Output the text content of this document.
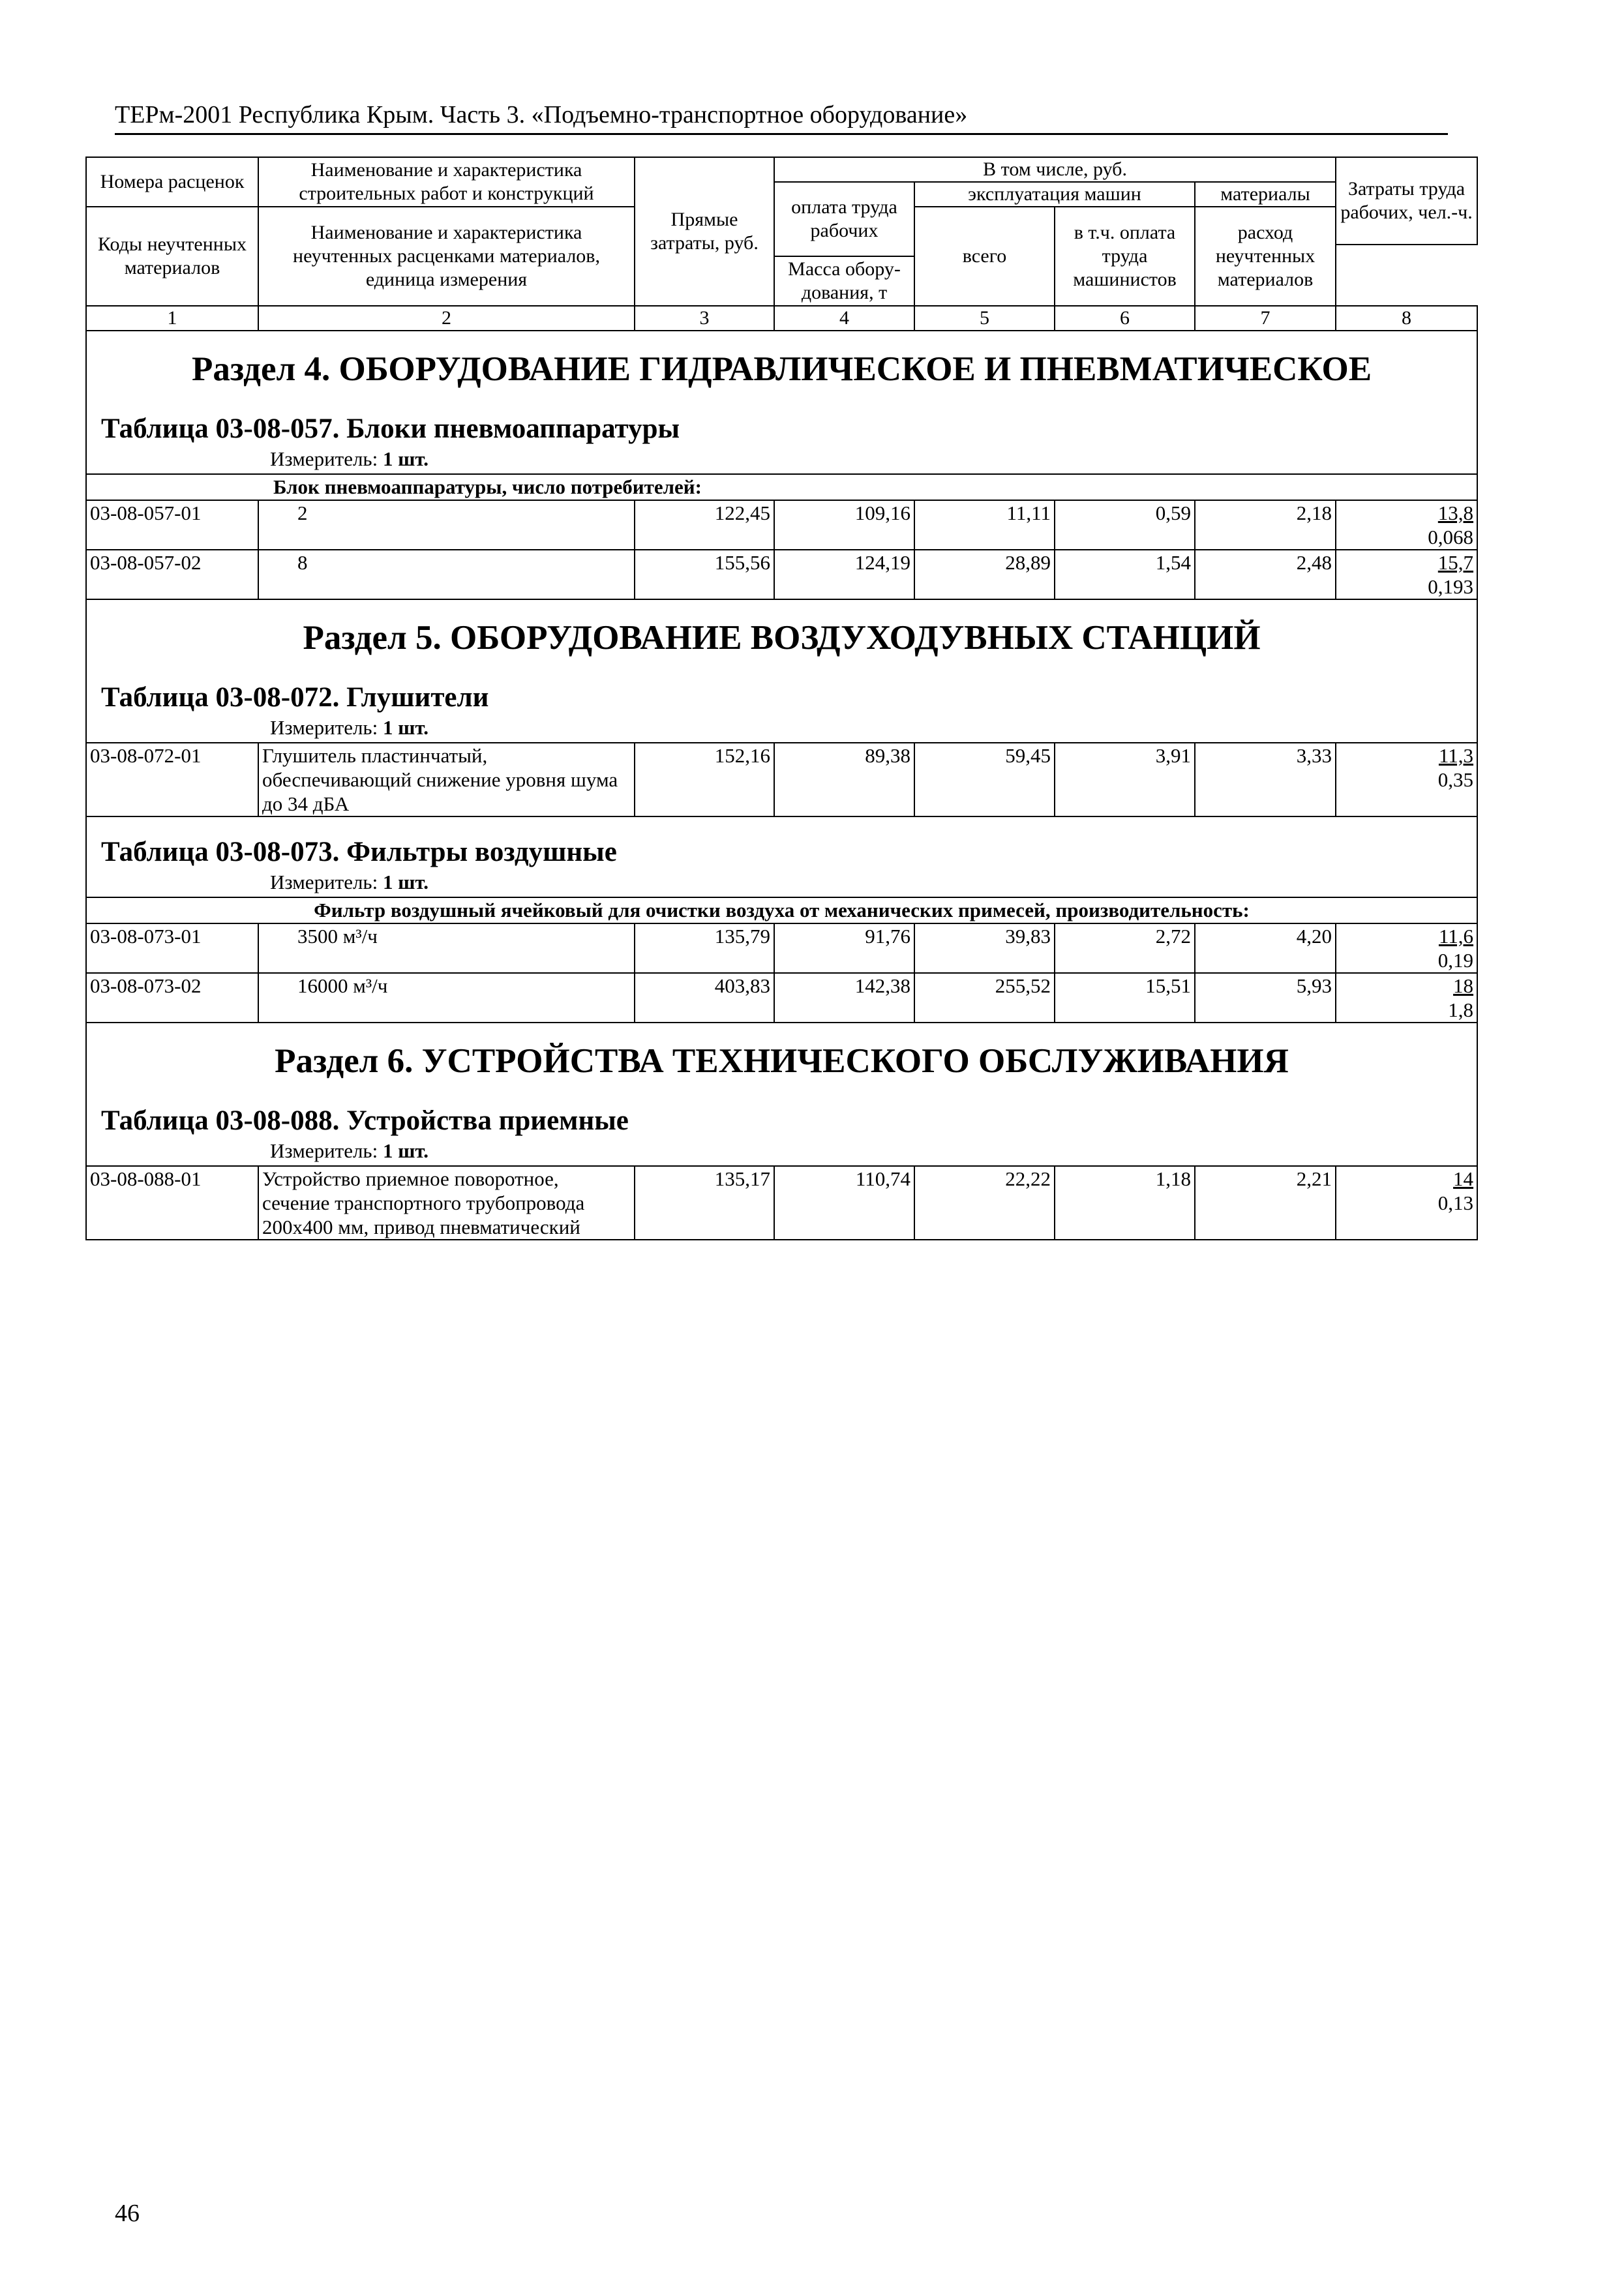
ТЕРм-2001 Республика Крым. Часть 3. «Подъемно-транспортное оборудование»
Номера расценок	Наименование и характеристика строительных работ и конструкций	Прямые затраты, руб.	В том числе, руб.				Затраты труда рабочих, чел.-ч.
			оплата труда рабочих	эксплуатация машин		материалы	
Коды неучтенных материалов	Наименование и характеристика неучтенных расценками материалов, единица измерения			всего	в т.ч. оплата труда машинистов	расход неучтенных материалов	

			Масса обору-дования, т				
1	2	3	4	5	6	7	8

Раздел 4. ОБОРУДОВАНИЕ ГИДРАВЛИЧЕСКОЕ И ПНЕВМАТИЧЕСКОЕ
Таблица 03-08-057. Блоки пневмоаппаратуры
Измеритель: 1 шт.							

Блок пневмоаппаратуры, число потребителей:							

03-08-057-01	2	122,45	109,16	11,11	0,59	2,18	13,8
0,068

03-08-057-02	8	155,56	124,19	28,89	1,54	2,48	15,7
0,193

Раздел 5. ОБОРУДОВАНИЕ ВОЗДУХОДУВНЫХ СТАНЦИЙ
Таблица 03-08-072. Глушители
Измеритель: 1 шт.							

03-08-072-01	Глушитель пластинчатый, обеспечивающий снижение уровня шума до 34 дБА	152,16	89,38	59,45	3,91	3,33	11,3
0,35

Таблица 03-08-073. Фильтры воздушные
Измеритель: 1 шт.							

Фильтр воздушный ячейковый для очистки воздуха от механических примесей, производительность:							
03-08-073-01	3500 м³/ч	135,79	91,76	39,83	2,72	4,20	11,6
0,19

03-08-073-02	16000 м³/ч	403,83	142,38	255,52	15,51	5,93	18
1,8

Раздел 6. УСТРОЙСТВА ТЕХНИЧЕСКОГО ОБСЛУЖИВАНИЯ
Таблица 03-08-088. Устройства приемные
Измеритель: 1 шт.							

03-08-088-01	Устройство приемное поворотное, сечение транспортного трубопровода 200х400 мм, привод пневматический	135,17	110,74	22,22	1,18	2,21	14
0,13
46
